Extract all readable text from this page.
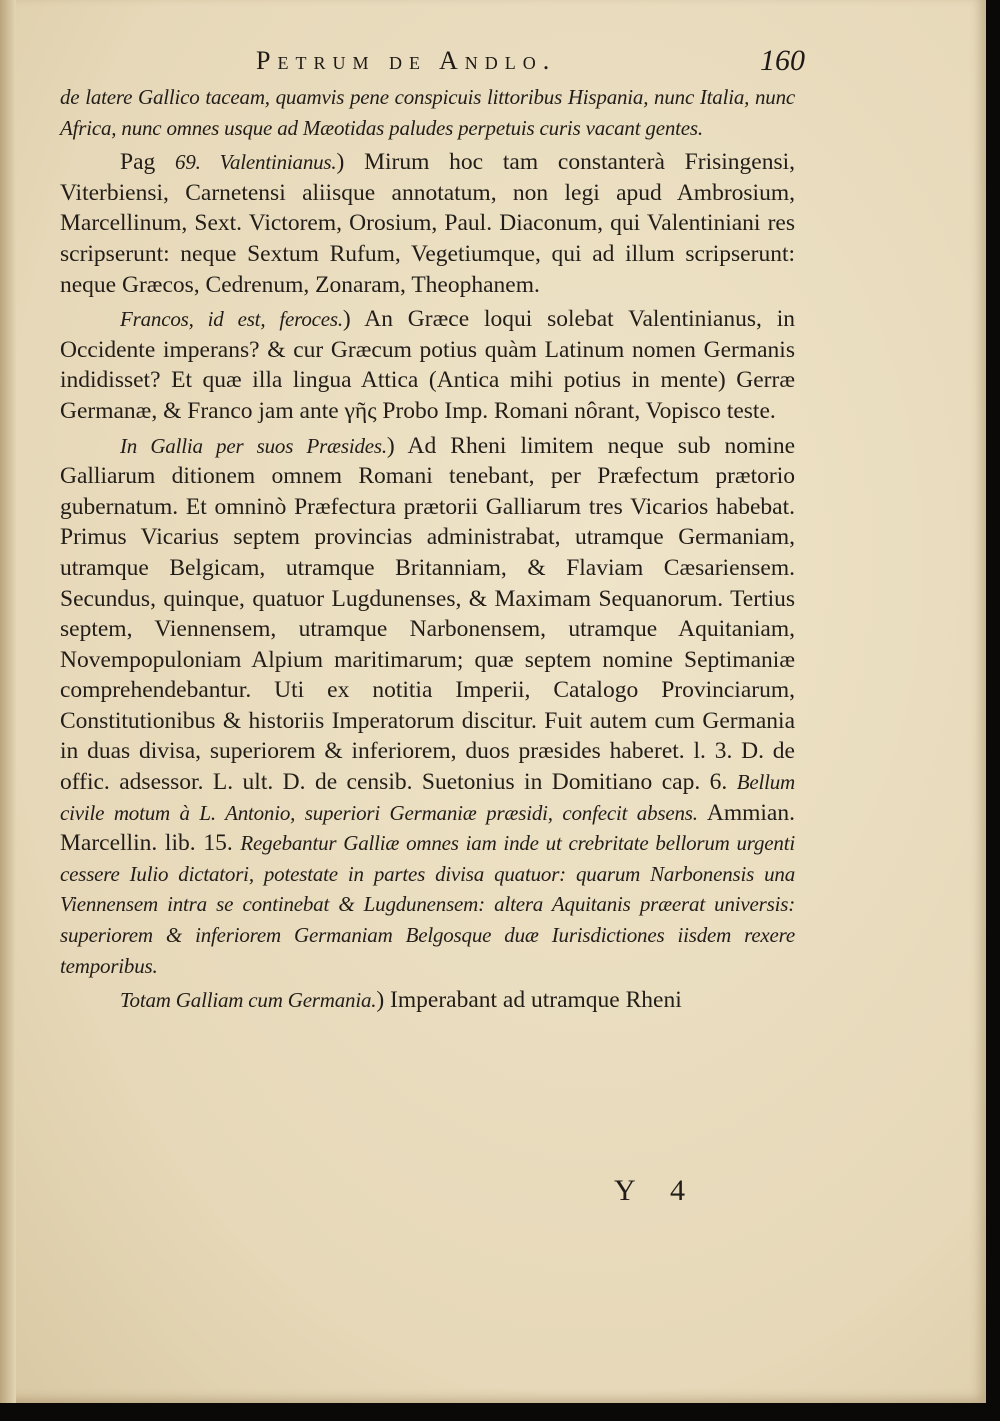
Petrum de Andlo.	160

de latere Gallico taceam, quamvis pene conspicuis littoribus Hispania, nunc Italia, nunc Africa, nunc omnes usque ad Mæotidas paludes perpetuis curis vacant gentes.

Pag 69. Valentinianus.) Mirum hoc tam constanterà Frisingensi, Viterbiensi, Carnetensi aliisque annotatum, non legi apud Ambrosium, Marcellinum, Sext. Victorem, Orosium, Paul. Diaconum, qui Valentiniani res scripserunt: neque Sextum Rufum, Vegetiumque, qui ad illum scripserunt: neque Græcos, Cedrenum, Zonaram, Theophanem.

Francos, id est, feroces.) An Græce loqui solebat Valentinianus, in Occidente imperans? & cur Græcum potius quàm Latinum nomen Germanis indidisset? Et quæ illa lingua Attica (Antica mihi potius in mente) Gerræ Germanæ, & Franco jam ante γῆς Probo Imp. Romani nôrant, Vopisco teste.

In Gallia per suos Præsides.) Ad Rheni limitem neque sub nomine Galliarum ditionem omnem Romani tenebant, per Præfectum prætorio gubernatum. Et omninò Præfectura prætorii Galliarum tres Vicarios habebat. Primus Vicarius septem provincias administrabat, utramque Germaniam, utramque Belgicam, utramque Britanniam, & Flaviam Cæsariensem. Secundus, quinque, quatuor Lugdunenses, & Maximam Sequanorum. Tertius septem, Viennensem, utramque Narbonensem, utramque Aquitaniam, Novempopuloniam Alpium maritimarum; quæ septem nomine Septimaniæ comprehendebantur. Uti ex notitia Imperii, Catalogo Provinciarum, Constitutionibus & historiis Imperatorum discitur. Fuit autem cum Germania in duas divisa, superiorem & inferiorem, duos præsides haberet. l. 3. D. de offic. adsessor. L. ult. D. de censib. Suetonius in Domitiano cap. 6. Bellum civile motum à L. Antonio, superiori Germaniæ præsidi, confecit absens. Ammian. Marcellin. lib. 15. Regebantur Galliæ omnes iam inde ut crebritate bellorum urgenti cessere Iulio dictatori, potestate in partes divisa quatuor: quarum Narbonensis una Viennensem intra se continebat & Lugdunensem: altera Aquitanis præerat universis: superiorem & inferiorem Germaniam Belgosque duæ Iurisdictiones iisdem rexere temporibus.

Totam Galliam cum Germania.) Imperabant ad utramque Rheni

Y 4
